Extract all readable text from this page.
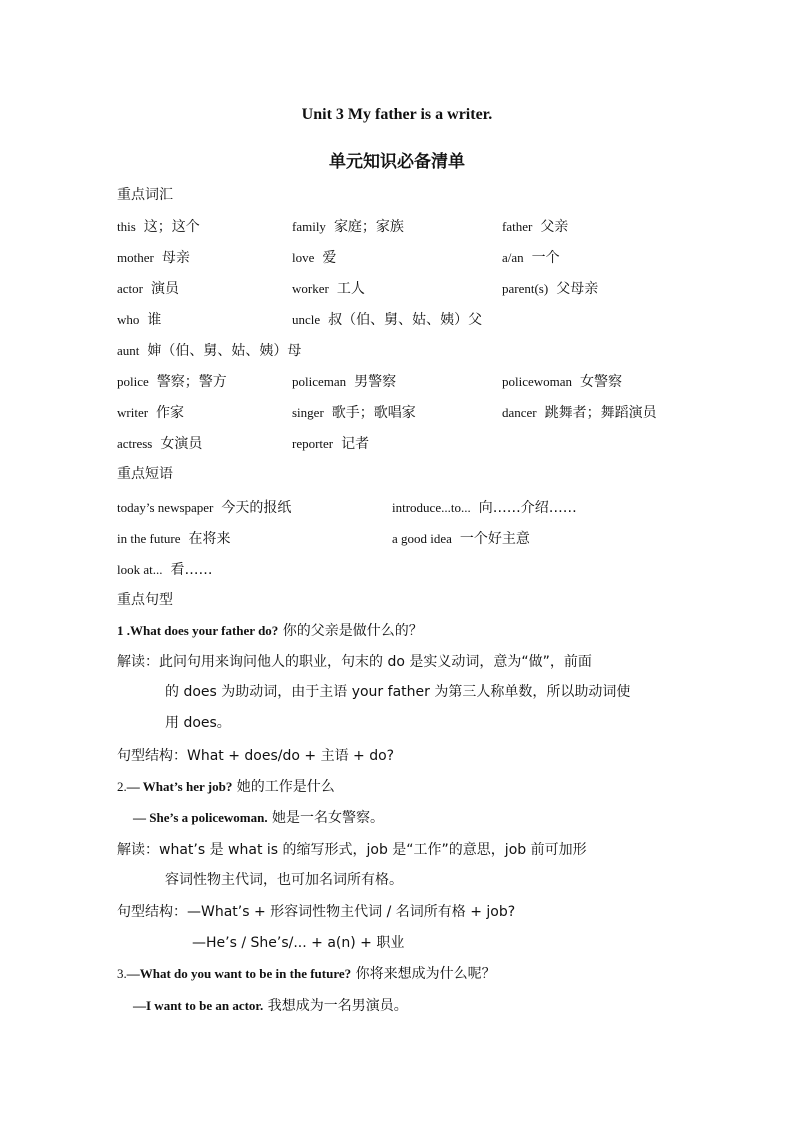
Unit 3 My father is a writer.
单元知识必备清单
重点词汇
this 这；这个	family 家庭；家族	father 父亲
mother 母亲	love 爱	a/an 一个
actor 演员	worker 工人	parent(s) 父母亲
who 谁	uncle 叔（伯、舅、姑、姨）父
aunt 婶（伯、舅、姑、姨）母
police 警察；警方	policeman 男警察	policewoman 女警察
writer 作家	singer 歌手；歌唱家	dancer 跳舞者；舞蹈演员
actress 女演员	reporter 记者
重点短语
today’s newspaper 今天的报纸	introduce...to... 向……介绍……
in the future 在将来	a good idea 一个好主意
look at... 看……
重点句型
1 .What does your father do? 你的父亲是做什么的？
解读：此问句用来询问他人的职业，句末的 do 是实义动词，意为“做”，前面
的 does 为助动词，由于主语 your father 为第三人称单数，所以助动词使
用 does。
句型结构：What + does/do + 主语 + do?
2.— What’s her job? 她的工作是什么
— She’s a policewoman. 她是一名女警察。
解读：what’s 是 what is 的缩写形式，job 是“工作”的意思，job 前可加形
容词性物主代词，也可加名词所有格。
句型结构：—What’s + 形容词性物主代词 / 名词所有格 + job?
—He’s / She’s/... + a(n) + 职业
3.—What do you want to be in the future? 你将来想成为什么呢？
—I want to be an actor. 我想成为一名男演员。
